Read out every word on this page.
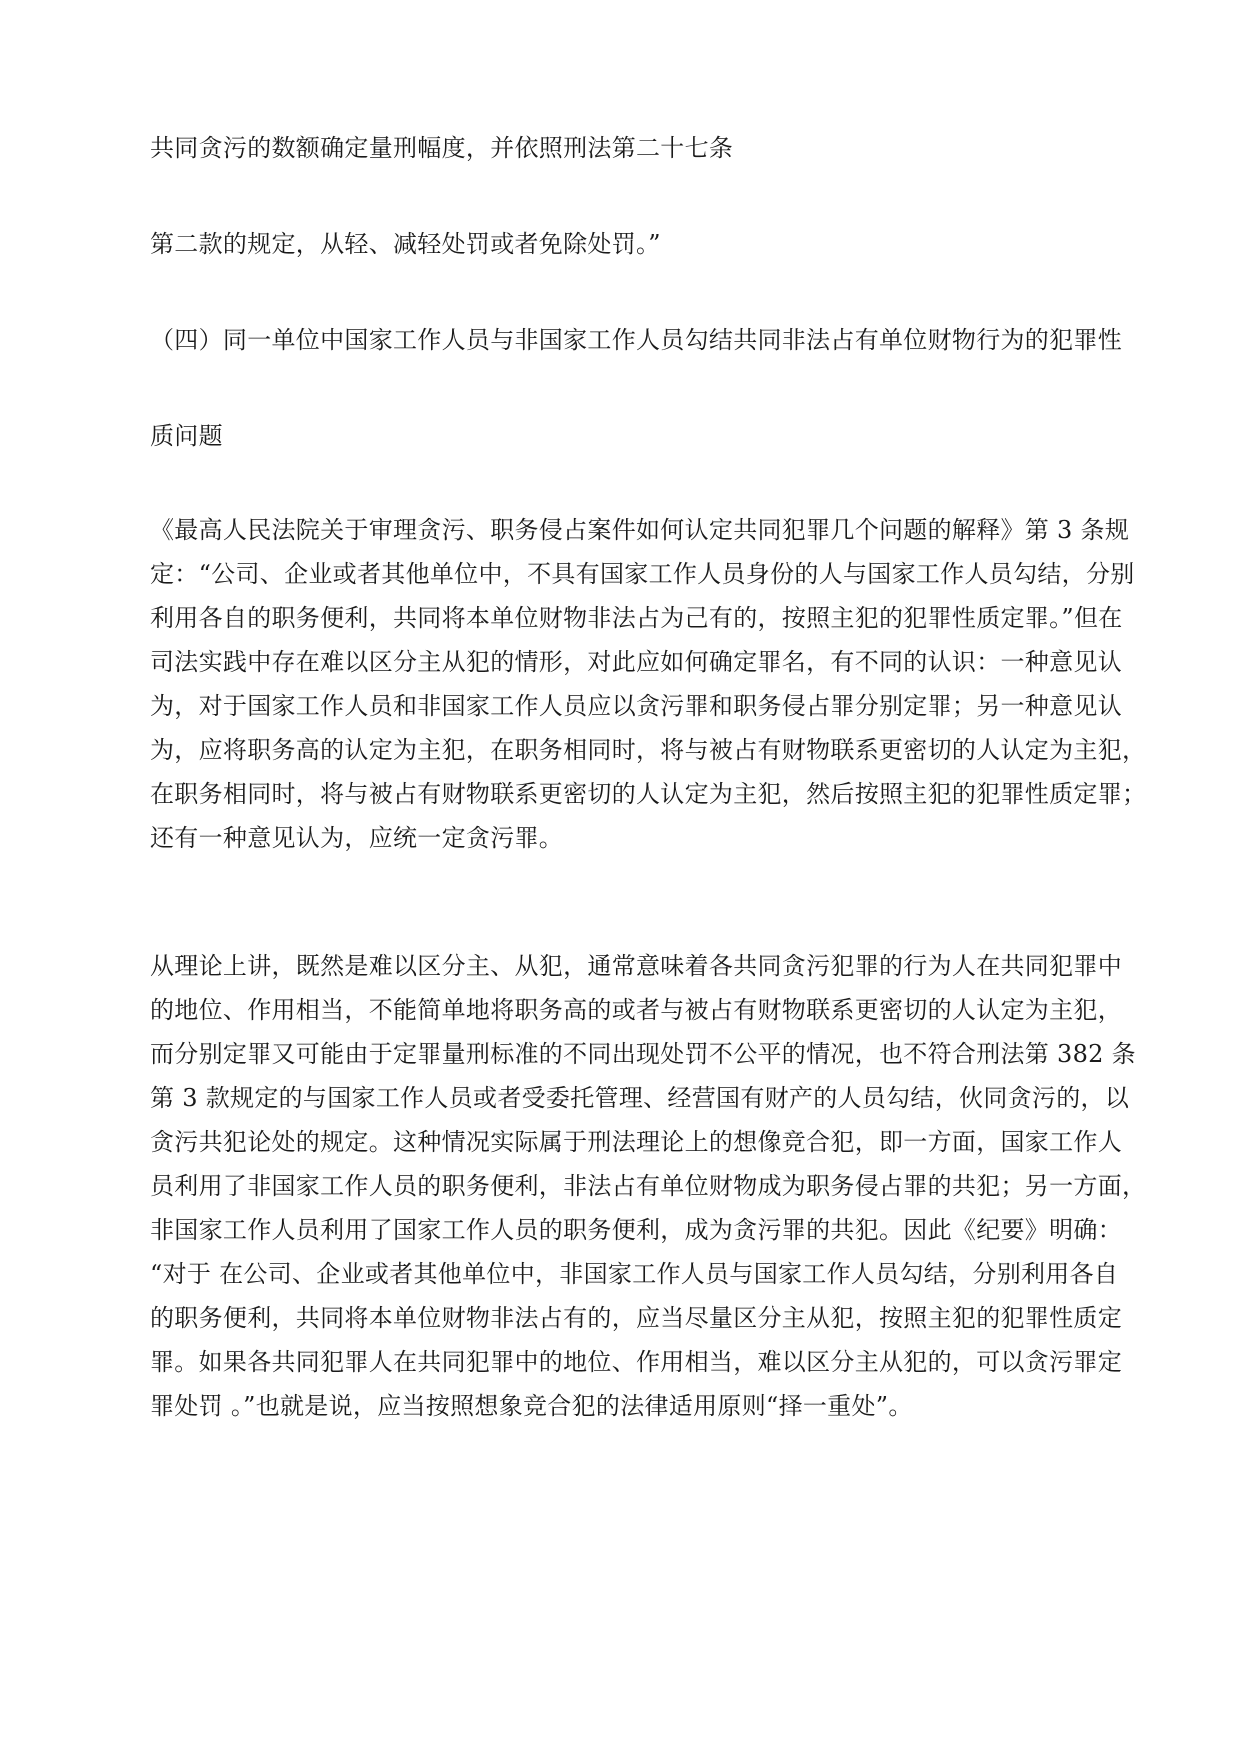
共同贪污的数额确定量刑幅度，并依照刑法第二十七条
第二款的规定，从轻、减轻处罚或者免除处罚。”
（四）同一单位中国家工作人员与非国家工作人员勾结共同非法占有单位财物行为的犯罪性
质问题
《最高人民法院关于审理贪污、职务侵占案件如何认定共同犯罪几个问题的解释》第 3 条规
定：“公司、企业或者其他单位中，不具有国家工作人员身份的人与国家工作人员勾结，分别
利用各自的职务便利，共同将本单位财物非法占为己有的，按照主犯的犯罪性质定罪。”但在
司法实践中存在难以区分主从犯的情形，对此应如何确定罪名，有不同的认识：一种意见认
为，对于国家工作人员和非国家工作人员应以贪污罪和职务侵占罪分别定罪；另一种意见认
为，应将职务高的认定为主犯，在职务相同时，将与被占有财物联系更密切的人认定为主犯，
在职务相同时，将与被占有财物联系更密切的人认定为主犯，然后按照主犯的犯罪性质定罪；
还有一种意见认为，应统一定贪污罪。
从理论上讲，既然是难以区分主、从犯，通常意味着各共同贪污犯罪的行为人在共同犯罪中
的地位、作用相当，不能简单地将职务高的或者与被占有财物联系更密切的人认定为主犯，
而分别定罪又可能由于定罪量刑标准的不同出现处罚不公平的情况，也不符合刑法第 382 条
第 3 款规定的与国家工作人员或者受委托管理、经营国有财产的人员勾结，伙同贪污的，以
贪污共犯论处的规定。这种情况实际属于刑法理论上的想像竞合犯，即一方面，国家工作人
员利用了非国家工作人员的职务便利，非法占有单位财物成为职务侵占罪的共犯；另一方面，
非国家工作人员利用了国家工作人员的职务便利，成为贪污罪的共犯。因此《纪要》明确：
“对于 在公司、企业或者其他单位中，非国家工作人员与国家工作人员勾结，分别利用各自
的职务便利，共同将本单位财物非法占有的，应当尽量区分主从犯，按照主犯的犯罪性质定
罪。如果各共同犯罪人在共同犯罪中的地位、作用相当，难以区分主从犯的，可以贪污罪定
罪处罚 。”也就是说，应当按照想象竞合犯的法律适用原则“择一重处”。
